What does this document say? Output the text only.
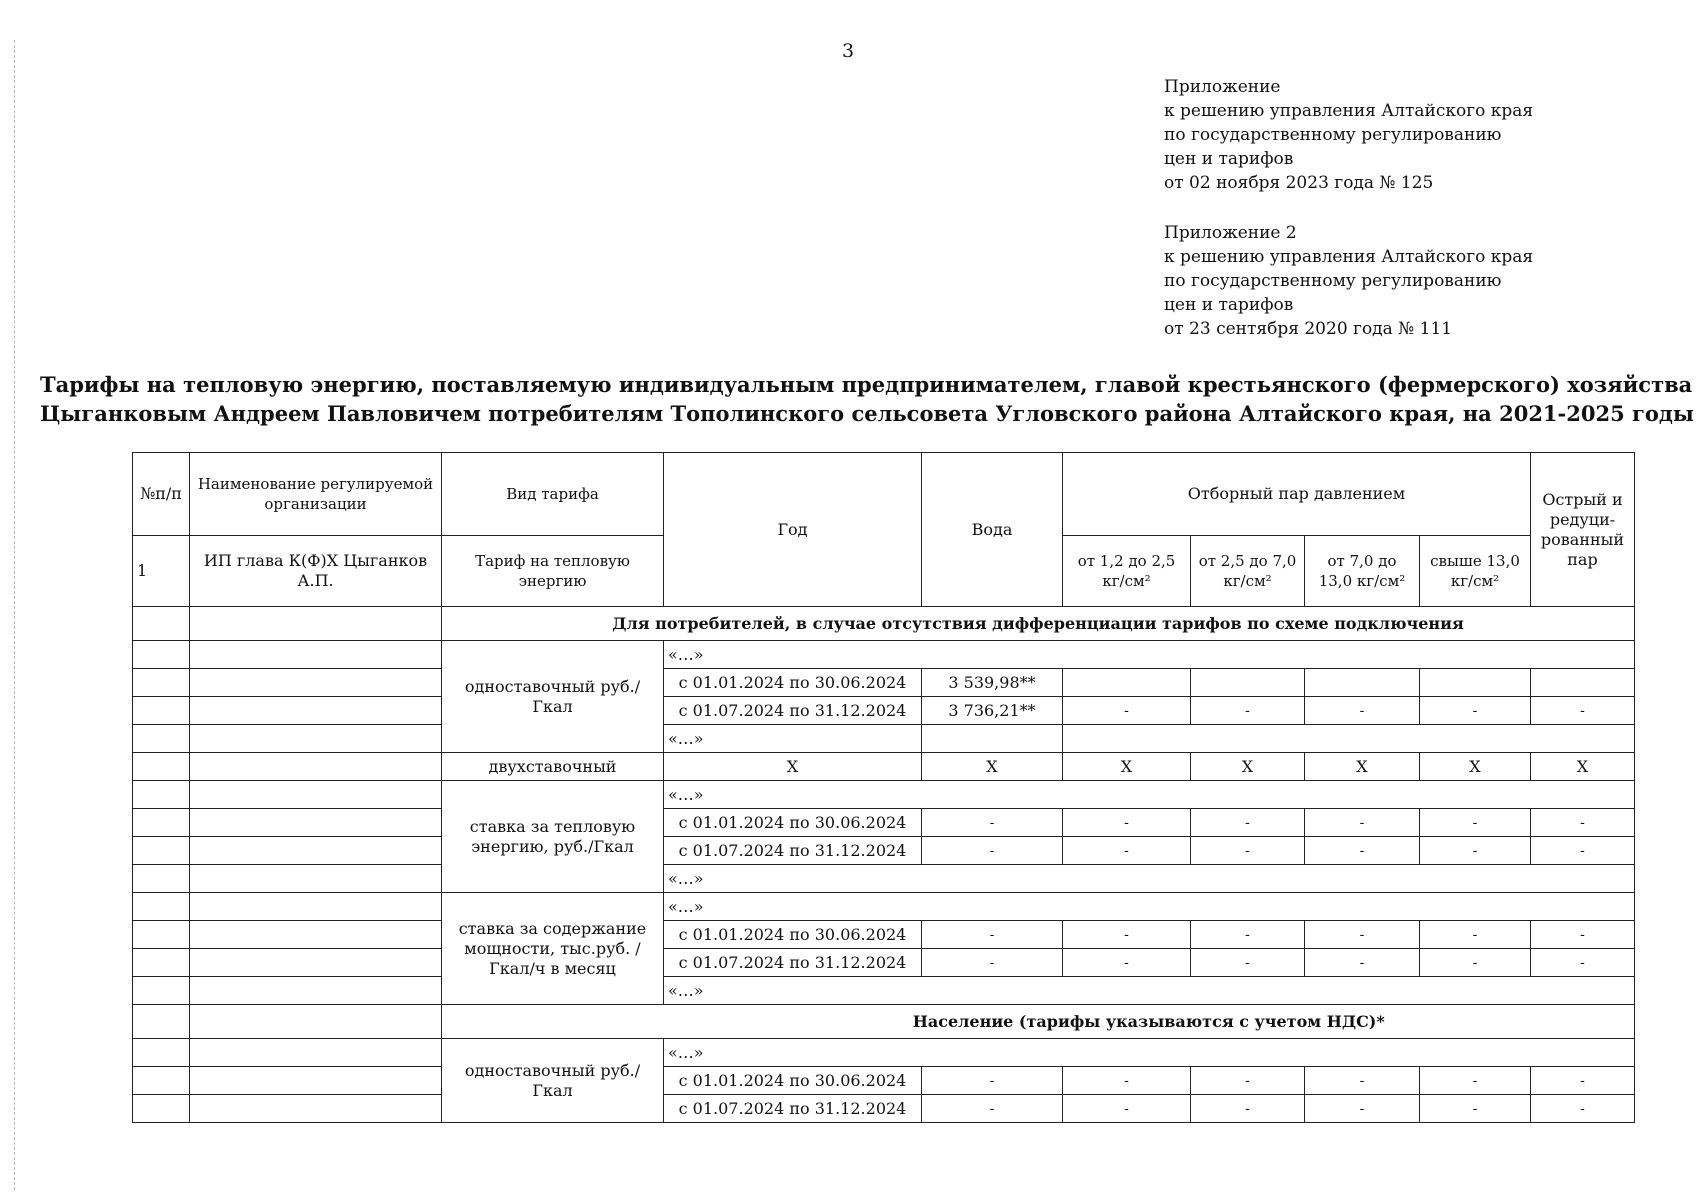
3
Приложение
к решению управления Алтайского края
по государственному регулированию
цен и тарифов
от 02 ноября 2023 года № 125
Приложение 2
к решению управления Алтайского края
по государственному регулированию
цен и тарифов
от 23 сентября 2020 года № 111
Тарифы на тепловую энергию, поставляемую индивидуальным предпринимателем, главой крестьянского (фермерского) хозяйства
Цыганковым Андреем Павловичем потребителям Тополинского сельсовета Угловского района Алтайского края, на 2021-2025 годы
№п/п	Наименование регулируемой организации	Вид тарифа	Год	Вода	Отборный пар давлением				Острый и редуци-рованный пар
1	ИП глава К(Ф)Х Цыганков А.П.	Тариф на тепловую энергию			от 1,2 до 2,5 кг/см²	от 2,5 до 7,0 кг/см²	от 7,0 до 13,0 кг/см²	свыше 13,0 кг/см²	
		Для потребителей, в случае отсутствия дифференциации тарифов по схеме подключения							
		одноставочный руб./Гкал	«…»						
			с 01.01.2024 по 30.06.2024	3 539,98**					
			с 01.07.2024 по 31.12.2024	3 736,21**	-	-	-	-	-
			«…»						
		двухставочный	X	X	X	X	X	X	X
		ставка за тепловую энергию, руб./Гкал	«…»						
			с 01.01.2024 по 30.06.2024	-	-	-	-	-	-
			с 01.07.2024 по 31.12.2024	-	-	-	-	-	-
			«…»						
		ставка за содержание мощности, тыс.руб. /Гкал/ч в месяц	«…»						
			с 01.01.2024 по 30.06.2024	-	-	-	-	-	-
			с 01.07.2024 по 31.12.2024	-	-	-	-	-	-
			«…»						
			Население (тарифы указываются с учетом НДС)*						
		одноставочный руб./Гкал	«…»						
			с 01.01.2024 по 30.06.2024	-	-	-	-	-	-
			с 01.07.2024 по 31.12.2024	-	-	-	-	-	-
